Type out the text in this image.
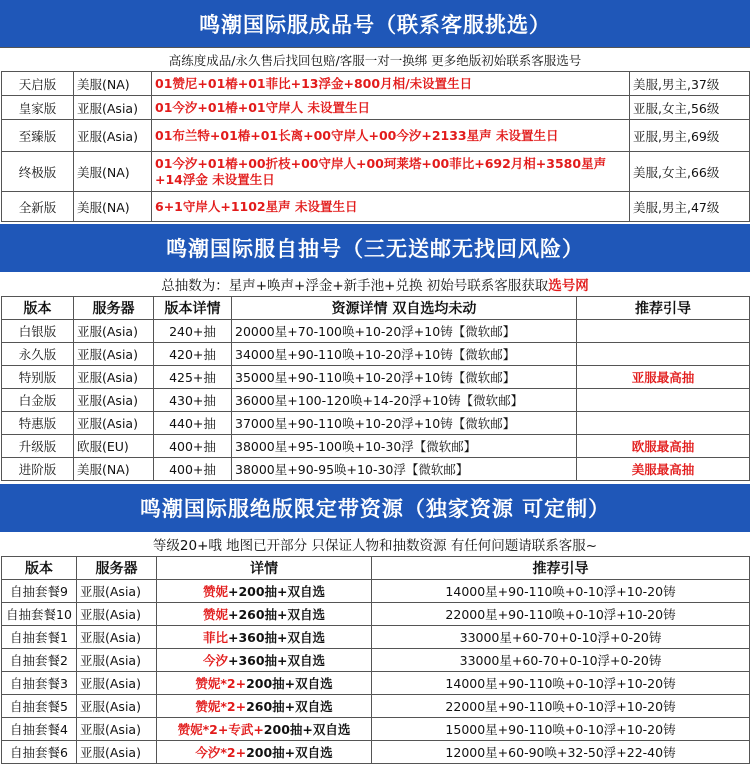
鸣潮国际服成品号（联系客服挑选）
高练度成品/永久售后找回包赔/客服一对一换绑
更多绝版初始联系客服选号
天启版	美服(NA)	01赞尼+01椿+01菲比+13浮金+800月相/未设置生日	美服,男主,37级
皇家版	亚服(Asia)	01今汐+01椿+01守岸人 未设置生日	亚服,女主,56级
至臻版	亚服(Asia)	01布兰特+01椿+01长离+00守岸人+00今汐+2133星声 未设置生日	亚服,男主,69级
终极版	美服(NA)	01今汐+01椿+00折枝+00守岸人+00珂莱塔+00菲比+692月相+3580星声+14浮金 未设置生日	美服,女主,66级
全新版	美服(NA)	6+1守岸人+1102星声 未设置生日	美服,男主,47级
鸣潮国际服自抽号（三无送邮无找回风险）
总抽数为：星声+唤声+浮金+新手池+兑换 初始号联系客服获取 选号网
版本	服务器	版本详情	资源详情 双自选均未动	推荐引导
白银版	亚服(Asia)	240+抽	20000星+70-100唤+10-20浮+10铸【微软邮】	
永久版	亚服(Asia)	420+抽	34000星+90-110唤+10-20浮+10铸【微软邮】	
特别版	亚服(Asia)	425+抽	35000星+90-110唤+10-20浮+10铸【微软邮】	亚服最高抽
白金版	亚服(Asia)	430+抽	36000星+100-120唤+14-20浮+10铸【微软邮】	
特惠版	亚服(Asia)	440+抽	37000星+90-110唤+10-20浮+10铸【微软邮】	
升级版	欧服(EU)	400+抽	38000星+95-100唤+10-30浮【微软邮】	欧服最高抽
进阶版	美服(NA)	400+抽	38000星+90-95唤+10-30浮【微软邮】	美服最高抽
鸣潮国际服绝版限定带资源（独家资源 可定制）
等级20+哦 地图已开部分 只保证人物和抽数资源 有任何问题请联系客服~
版本	服务器	详情	推荐引导
自抽套餐9	亚服(Asia)	赞妮+200抽+双自选	14000星+90-110唤+0-10浮+10-20铸
自抽套餐10	亚服(Asia)	赞妮+260抽+双自选	22000星+90-110唤+0-10浮+10-20铸
自抽套餐1	亚服(Asia)	菲比+360抽+双自选	33000星+60-70+0-10浮+0-20铸
自抽套餐2	亚服(Asia)	今汐+360抽+双自选	33000星+60-70+0-10浮+0-20铸
自抽套餐3	亚服(Asia)	赞妮*2+200抽+双自选	14000星+90-110唤+0-10浮+10-20铸
自抽套餐5	亚服(Asia)	赞妮*2+260抽+双自选	22000星+90-110唤+0-10浮+10-20铸
自抽套餐4	亚服(Asia)	赞妮*2+专武+200抽+双自选	15000星+90-110唤+0-10浮+10-20铸
自抽套餐6	亚服(Asia)	今汐*2+200抽+双自选	12000星+60-90唤+32-50浮+22-40铸
